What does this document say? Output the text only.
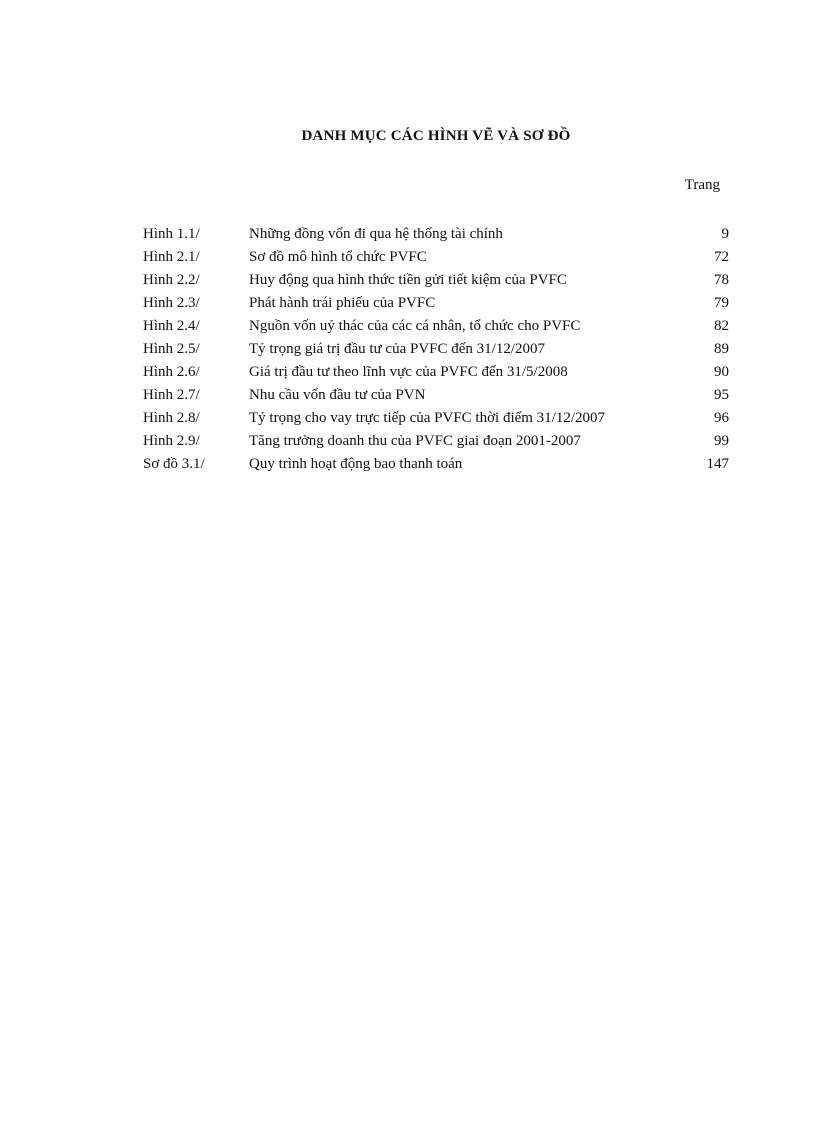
DANH MỤC CÁC HÌNH VẼ VÀ SƠ ĐỒ
Trang
Hình 1.1/	Những đồng vốn đi qua hệ thống tài chính	9
Hình 2.1/	Sơ đồ mô hình tổ chức PVFC	72
Hình 2.2/	Huy động qua hình thức tiền gửi tiết kiệm của PVFC	78
Hình 2.3/	Phát hành trái phiếu của PVFC	79
Hình 2.4/	Nguồn vốn uỷ thác của các cá nhân, tổ chức cho PVFC	82
Hình 2.5/	Tỷ trọng giá trị đầu tư của PVFC đến 31/12/2007	89
Hình 2.6/	Giá trị đầu tư theo lĩnh vực của PVFC đến 31/5/2008	90
Hình 2.7/	Nhu cầu vốn đầu tư của PVN	95
Hình 2.8/	Tỷ trọng cho vay trực tiếp của PVFC thời điểm 31/12/2007	96
Hình 2.9/	Tăng trưởng doanh thu của PVFC giai đoạn 2001-2007	99
Sơ đồ 3.1/	Quy trình hoạt động bao thanh toán	147
